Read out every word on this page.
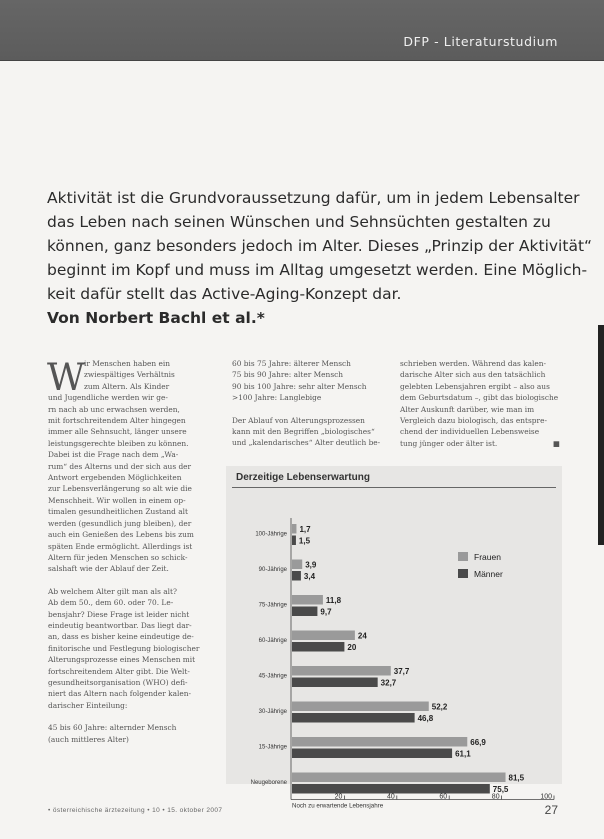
DFP - Literaturstudium

Aktivität ist die Grundvoraussetzung dafür, um in jedem Lebensalter

das Leben nach seinen Wünschen und Sehnsüchten gestalten zu

können, ganz besonders jedoch im Alter. Dieses „Prinzip der Aktivität“

beginnt im Kopf und muss im Alltag umgesetzt werden. Eine Möglich-

keit dafür stellt das Active-Aging-Konzept dar.

Von Norbert Bachl et al.*

W

ir Menschen haben ein

zwiespältiges Verhältnis

zum Altern. Als Kinder

und Jugendliche werden wir ge-

rn nach ab unc erwachsen werden,

mit fortschreitendem Alter hingegen

immer alle Sehnsucht, länger unsere

leistungsgerechte bleiben zu können.

Dabei ist die Frage nach dem „Wa-

rum“ des Alterns und der sich aus der

Antwort ergebenden Möglichkeiten

zur Lebensverlängerung so alt wie die

Menschheit. Wir wollen in einem op-

timalen gesundheitlichen Zustand alt

werden (gesundlich jung bleiben), der

auch ein Genießen des Lebens bis zum

späten Ende ermöglicht. Allerdings ist

Altern für jeden Menschen so schick-

salshaft wie der Ablauf der Zeit.

Ab welchem Alter gilt man als alt?

Ab dem 50., dem 60. oder 70. Le-

bensjahr? Diese Frage ist leider nicht

eindeutig beantwortbar. Das liegt dar-

an, dass es bisher keine eindeutige de-

finitorische und Festlegung biologischer

Alterungsprozesse eines Menschen mit

fortschreitendem Alter gibt. Die Welt-

gesundheitsorganisation (WHO) defi-

niert das Altern nach folgender kalen-

darischer Einteilung:

45 bis 60 Jahre: alternder Mensch

(auch mittleres Alter)

60 bis 75 Jahre: älterer Mensch

75 bis 90 Jahre: alter Mensch

90 bis 100 Jahre: sehr alter Mensch

>100 Jahre: Langlebige

Der Ablauf von Alterungsprozessen

kann mit den Begriffen „biologisches“

und „kalendarisches“ Alter deutlich be-

schrieben werden. Während das kalen-

darische Alter sich aus den tatsächlich

gelebten Lebensjahren ergibt – also aus

dem Geburtsdatum –, gibt das biologische

Alter Auskunft darüber, wie man im

Vergleich dazu biologisch, das entspre-

chend der individuellen Lebensweise

tung jünger oder älter ist.	■

Derzeitige Lebenserwartung
100-Jährige
1,7
1,5
90-Jährige
3,9
3,4
75-Jährige
11,8
9,7
60-Jährige
24
20
45-Jährige
37,7
32,7
30-Jährige
52,2
46,8
15-Jährige
66,9
61,1
Neugeborene
81,5
75,5
20	40	60	80	100
Noch zu erwartende Lebensjahre
Frauen
Männer
• österreichische ärztezeitung • 10 • 15. oktober 2007	27
